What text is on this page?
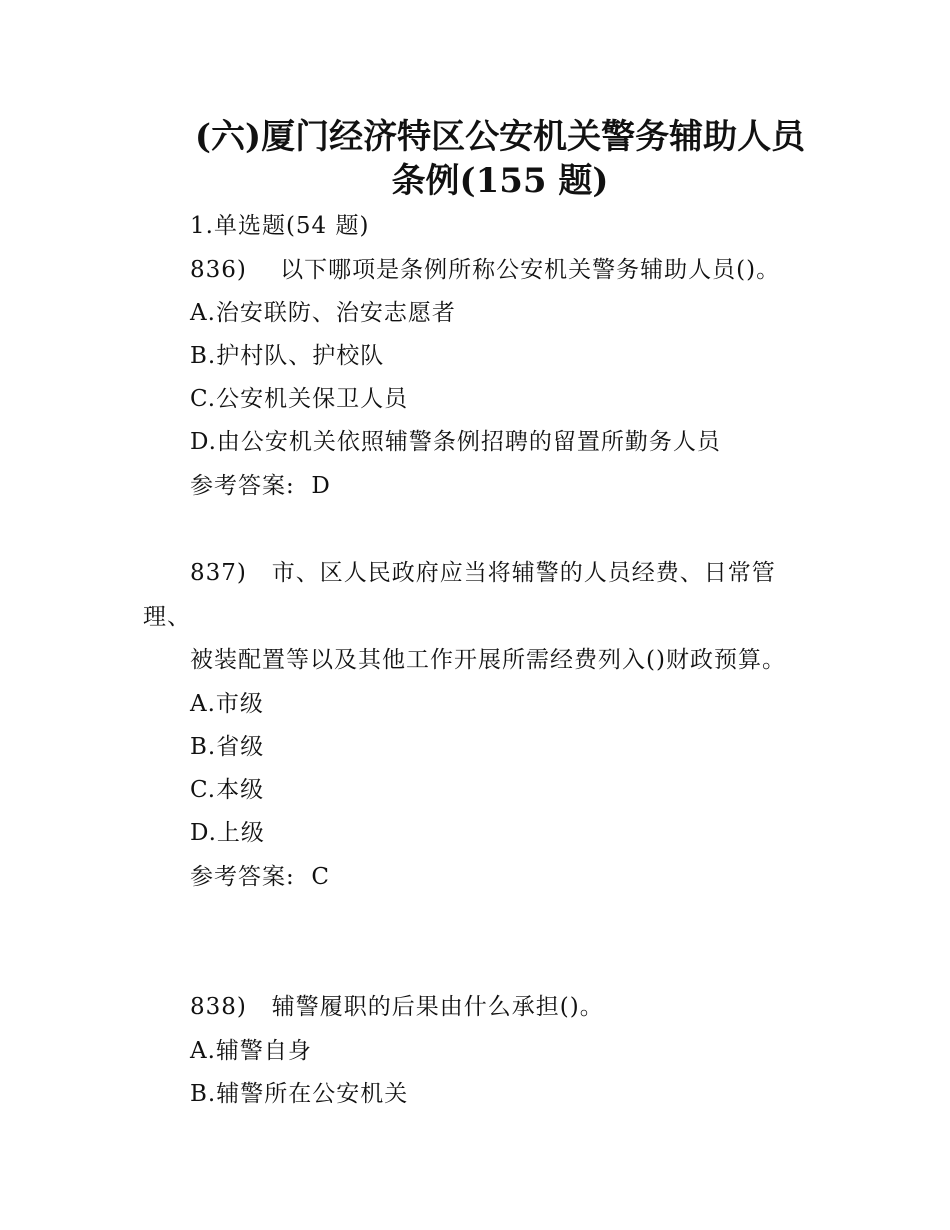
(六)厦门经济特区公安机关警务辅助人员
条例(155 题)
1.单选题(54 题)
836)    以下哪项是条例所称公安机关警务辅助人员()。
A.治安联防、治安志愿者
B.护村队、护校队
C.公安机关保卫人员
D.由公安机关依照辅警条例招聘的留置所勤务人员
参考答案:  D
837)   市、区人民政府应当将辅警的人员经费、日常管
理、
被装配置等以及其他工作开展所需经费列入()财政预算。
A.市级
B.省级
C.本级
D.上级
参考答案:  C
838)   辅警履职的后果由什么承担()。
A.辅警自身
B.辅警所在公安机关
